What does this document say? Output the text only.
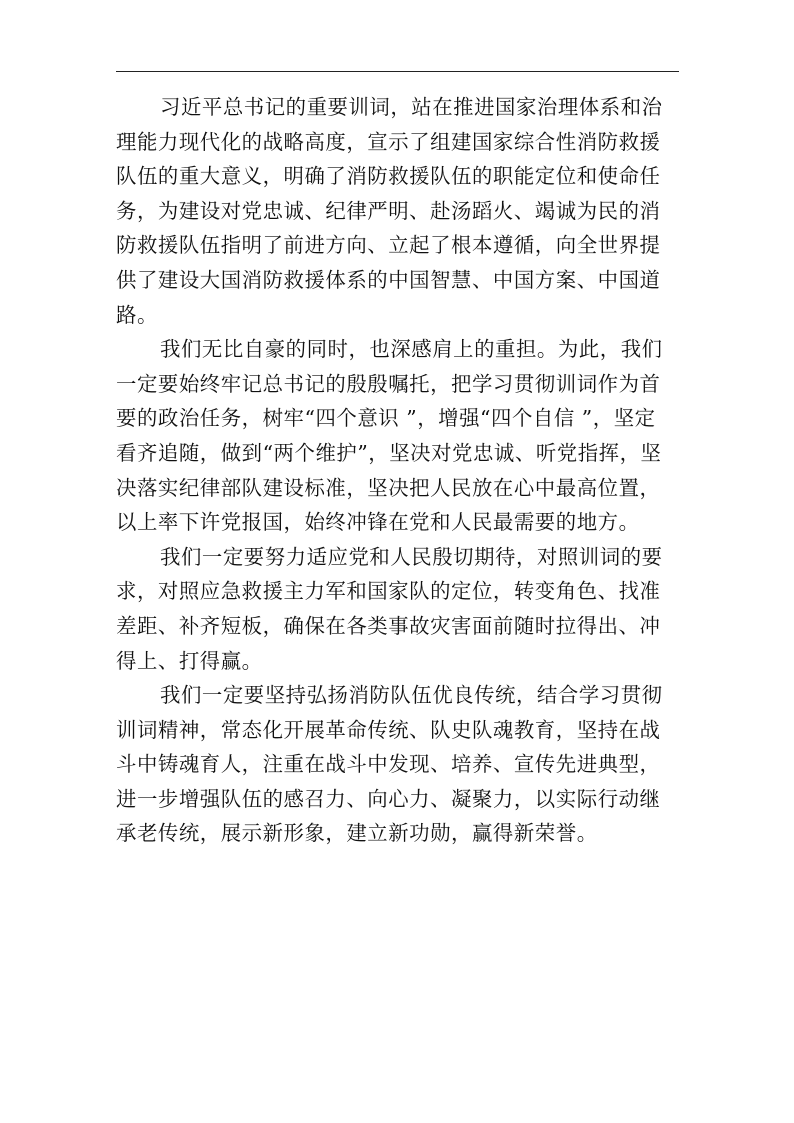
习近平总书记的重要训词，站在推进国家治理体系和治
理能力现代化的战略高度，宣示了组建国家综合性消防救援
队伍的重大意义，明确了消防救援队伍的职能定位和使命任
务，为建设对党忠诚、纪律严明、赴汤蹈火、竭诚为民的消
防救援队伍指明了前进方向、立起了根本遵循，向全世界提
供了建设大国消防救援体系的中国智慧、中国方案、中国道
路。
我们无比自豪的同时，也深感肩上的重担。为此，我们
一定要始终牢记总书记的殷殷嘱托，把学习贯彻训词作为首
要的政治任务，树牢“四个意识 ”，增强“四个自信 ”，坚定
看齐追随，做到“两个维护”，坚决对党忠诚、听党指挥，坚
决落实纪律部队建设标准，坚决把人民放在心中最高位置，
以上率下许党报国，始终冲锋在党和人民最需要的地方。
我们一定要努力适应党和人民殷切期待，对照训词的要
求，对照应急救援主力军和国家队的定位，转变角色、找准
差距、补齐短板，确保在各类事故灾害面前随时拉得出、冲
得上、打得赢。
我们一定要坚持弘扬消防队伍优良传统，结合学习贯彻
训词精神，常态化开展革命传统、队史队魂教育，坚持在战
斗中铸魂育人，注重在战斗中发现、培养、宣传先进典型，
进一步增强队伍的感召力、向心力、凝聚力，以实际行动继
承老传统，展示新形象，建立新功勋，赢得新荣誉。
